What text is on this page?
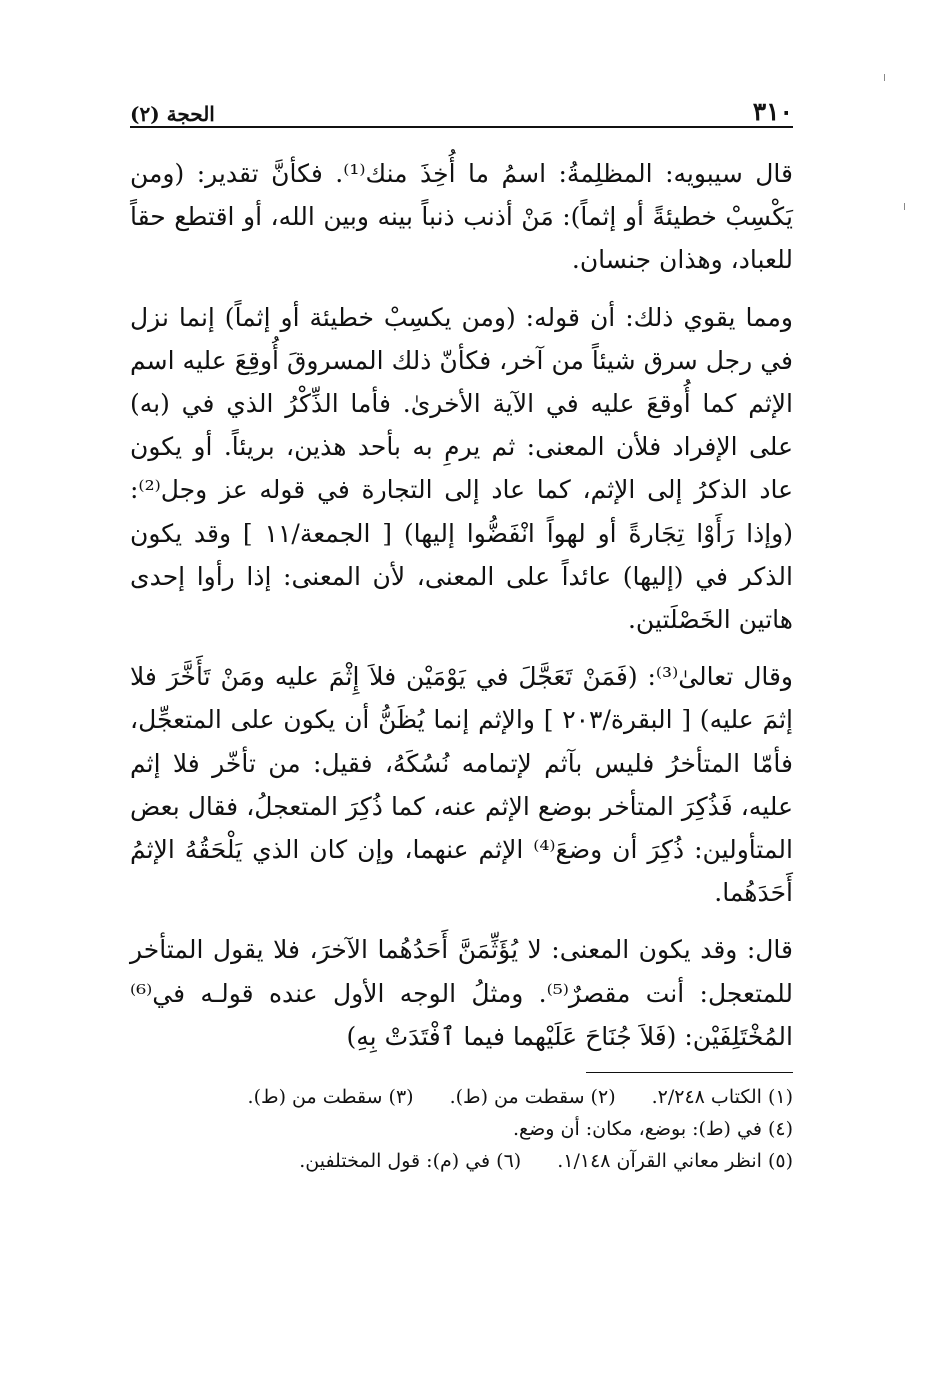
٣١٠
الحجة (٢)

قال سيبويه: المظلِمةُ: اسمُ ما أُخِذَ منك⁽¹⁾. فكأنَّ تقدير: (ومن يَكْسِبْ خطيئةً أو إثماً): مَنْ أذنب ذنباً بينه وبين الله، أو اقتطع حقاً للعباد، وهذان جنسان.

ومما يقوي ذلك: أن قوله: (ومن يكسِبْ خطيئة أو إثماً) إنما نزل في رجل سرق شيئاً من آخر، فكأنّ ذلك المسروقَ أُوقِعَ عليه اسم الإثم كما أُوقعَ عليه في الآية الأخرىٰ. فأما الذِّكْرُ الذي في (به) على الإفراد فلأن المعنى: ثم يرمِ به بأحد هذين، بريئاً. أو يكون عاد الذكرُ إلى الإثم، كما عاد إلى التجارة في قوله عز وجل⁽²⁾: (وإذا رَأَوْا تِجَارةً أو لهواً انْفَضُّوا إليها) [ الجمعة/١١ ] وقد يكون الذكر في (إليها) عائداً على المعنى، لأن المعنى: إذا رأوا إحدى هاتين الخَصْلَتين.

وقال تعالىٰ⁽³⁾: (فَمَنْ تَعَجَّلَ في يَوْمَيْن فلاَ إِثْمَ عليه ومَنْ تَأَخَّرَ فلا إثمَ عليه) [ البقرة/٢٠٣ ] والإثم إنما يُظَنُّ أن يكون على المتعجِّل، فأمّا المتأخرُ فليس بآثم لإتمامه نُسُكَهُ، فقيل: من تأخّر فلا إثم عليه، فَذُكِرَ المتأخر بوضع الإثم عنه، كما ذُكِرَ المتعجلُ، فقال بعض المتأولين: ذُكِرَ أن وضعَ⁽⁴⁾ الإثم عنهما، وإن كان الذي يَلْحَقُهُ الإثمُ أَحَدَهُما.

قال: وقد يكون المعنى: لا يُؤَثِّمَنَّ أَحَدُهُما الآخرَ، فلا يقول المتأخر للمتعجل: أنت مقصرٌ⁽⁵⁾. ومثلُ الوجه الأول عنده قولـه في⁽⁶⁾ المُخْتَلِفَيْن: (فَلاَ جُنَاحَ عَلَيْهما فيما ٱفْتَدَتْ بِهِ)

(١) الكتاب ٢/٢٤٨.
(٢) سقطت من (ط).
(٣) سقطت من (ط).
(٤) في (ط): بوضع، مكان: أن وضع.
(٥) انظر معاني القرآن ١/١٤٨.
(٦) في (م): قول المختلفين.
